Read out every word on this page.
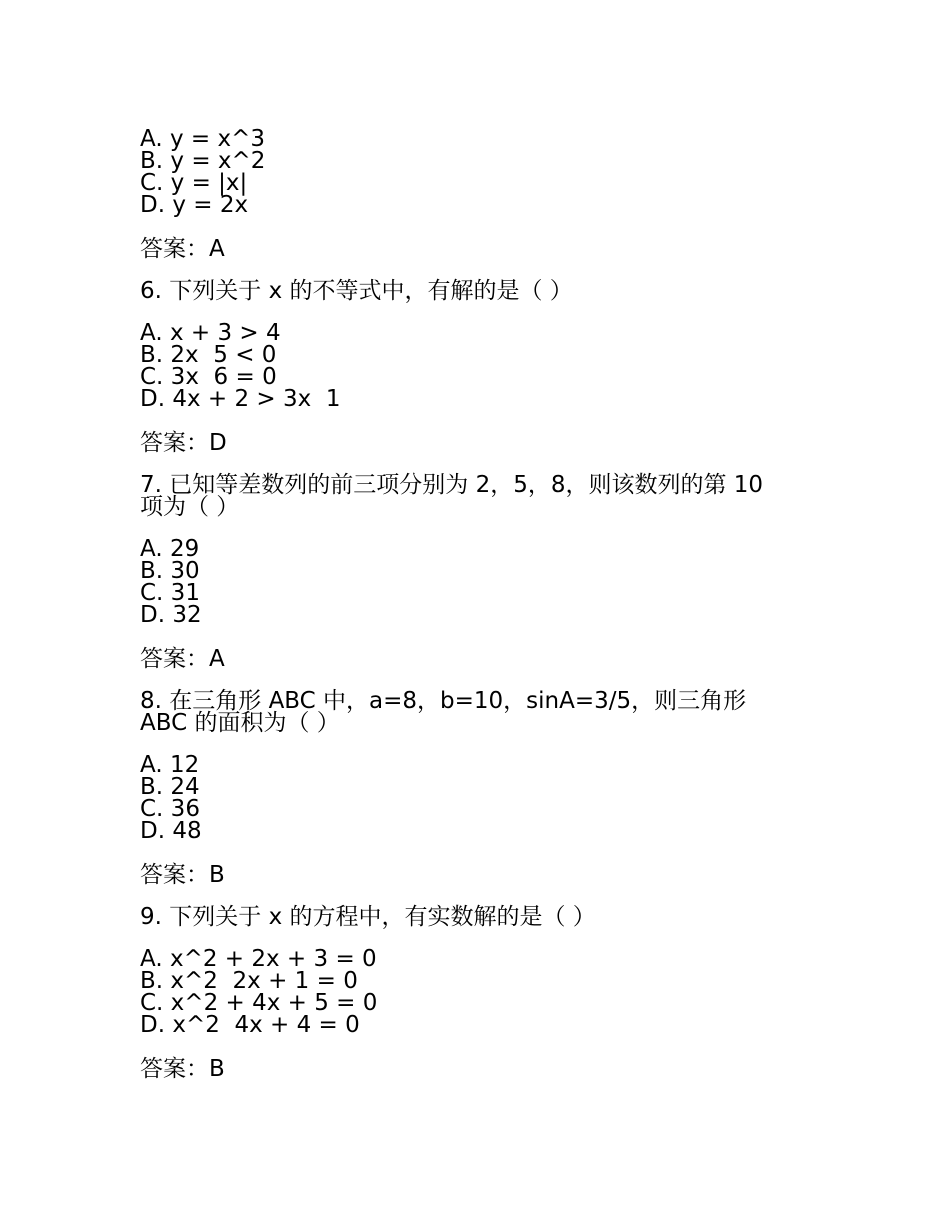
A. y = x^3
B. y = x^2
C. y = |x|
D. y = 2x
答案：A
6. 下列关于 x 的不等式中，有解的是（ ）
A. x + 3 > 4
B. 2x  5 < 0
C. 3x  6 = 0
D. 4x + 2 > 3x  1
答案：D
7. 已知等差数列的前三项分别为 2，5，8，则该数列的第 10
项为（ ）
A. 29
B. 30
C. 31
D. 32
答案：A
8. 在三角形 ABC 中，a=8，b=10，sinA=3/5，则三角形
ABC 的面积为（ ）
A. 12
B. 24
C. 36
D. 48
答案：B
9. 下列关于 x 的方程中，有实数解的是（ ）
A. x^2 + 2x + 3 = 0
B. x^2  2x + 1 = 0
C. x^2 + 4x + 5 = 0
D. x^2  4x + 4 = 0
答案：B
